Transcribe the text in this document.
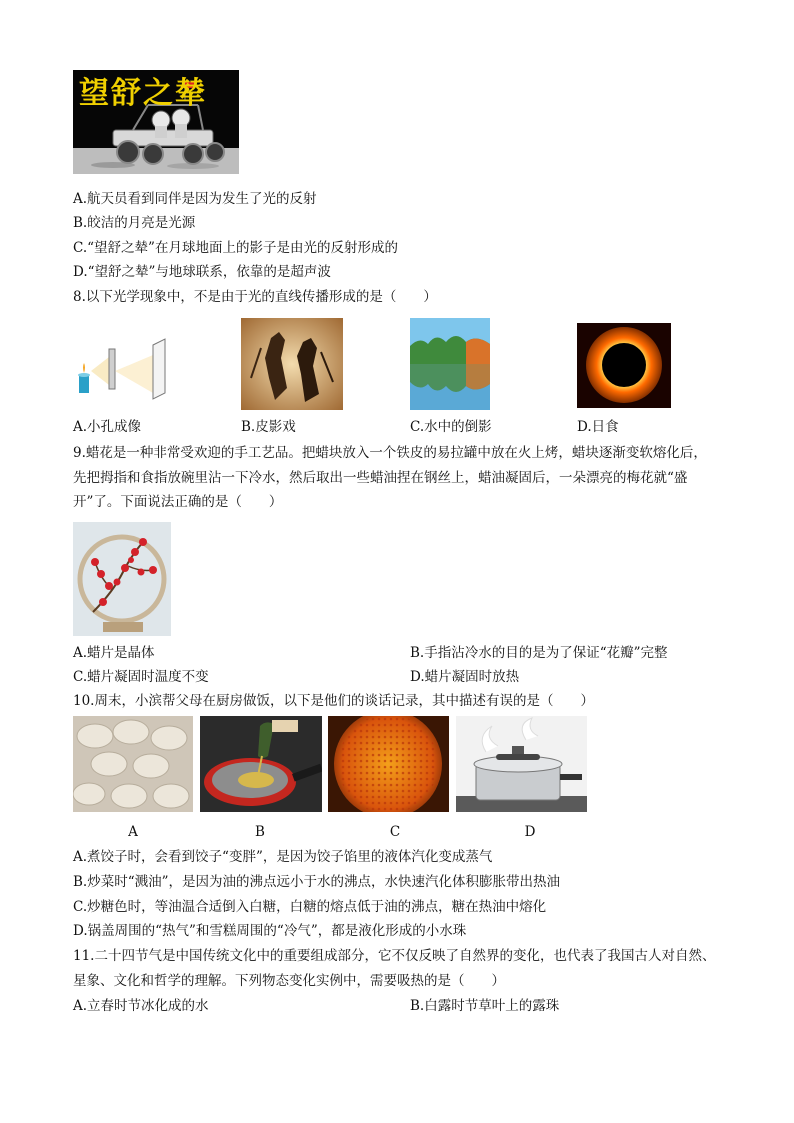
望舒之辇
A.航天员看到同伴是因为发生了光的反射
B.皎洁的月亮是光源
C.“望舒之辇”在月球地面上的影子是由光的反射形成的
D.“望舒之辇”与地球联系，依靠的是超声波
8.以下光学现象中，不是由于光的直线传播形成的是（　　）
A.小孔成像	B.皮影戏	C.水中的倒影	D.日食
9.蜡花是一种非常受欢迎的手工艺品。把蜡块放入一个铁皮的易拉罐中放在火上烤，蜡块逐渐变软熔化后，
先把拇指和食指放碗里沾一下冷水，然后取出一些蜡油捏在钢丝上，蜡油凝固后，一朵漂亮的梅花就“盛
开”了。下面说法正确的是（　　）
A.蜡片是晶体	B.手指沾冷水的目的是为了保证“花瓣”完整
C.蜡片凝固时温度不变	D.蜡片凝固时放热
10.周末，小滨帮父母在厨房做饭，以下是他们的谈话记录，其中描述有误的是（　　）
A	B	C	D
A.煮饺子时，会看到饺子“变胖”，是因为饺子馅里的液体汽化变成蒸气
B.炒菜时“溅油”，是因为油的沸点远小于水的沸点，水快速汽化体积膨胀带出热油
C.炒糖色时，等油温合适倒入白糖，白糖的熔点低于油的沸点，糖在热油中熔化
D.锅盖周围的“热气”和雪糕周围的“冷气”，都是液化形成的小水珠
11.二十四节气是中国传统文化中的重要组成部分，它不仅反映了自然界的变化，也代表了我国古人对自然、
星象、文化和哲学的理解。下列物态变化实例中，需要吸热的是（　　）
A.立春时节冰化成的水	B.白露时节草叶上的露珠
